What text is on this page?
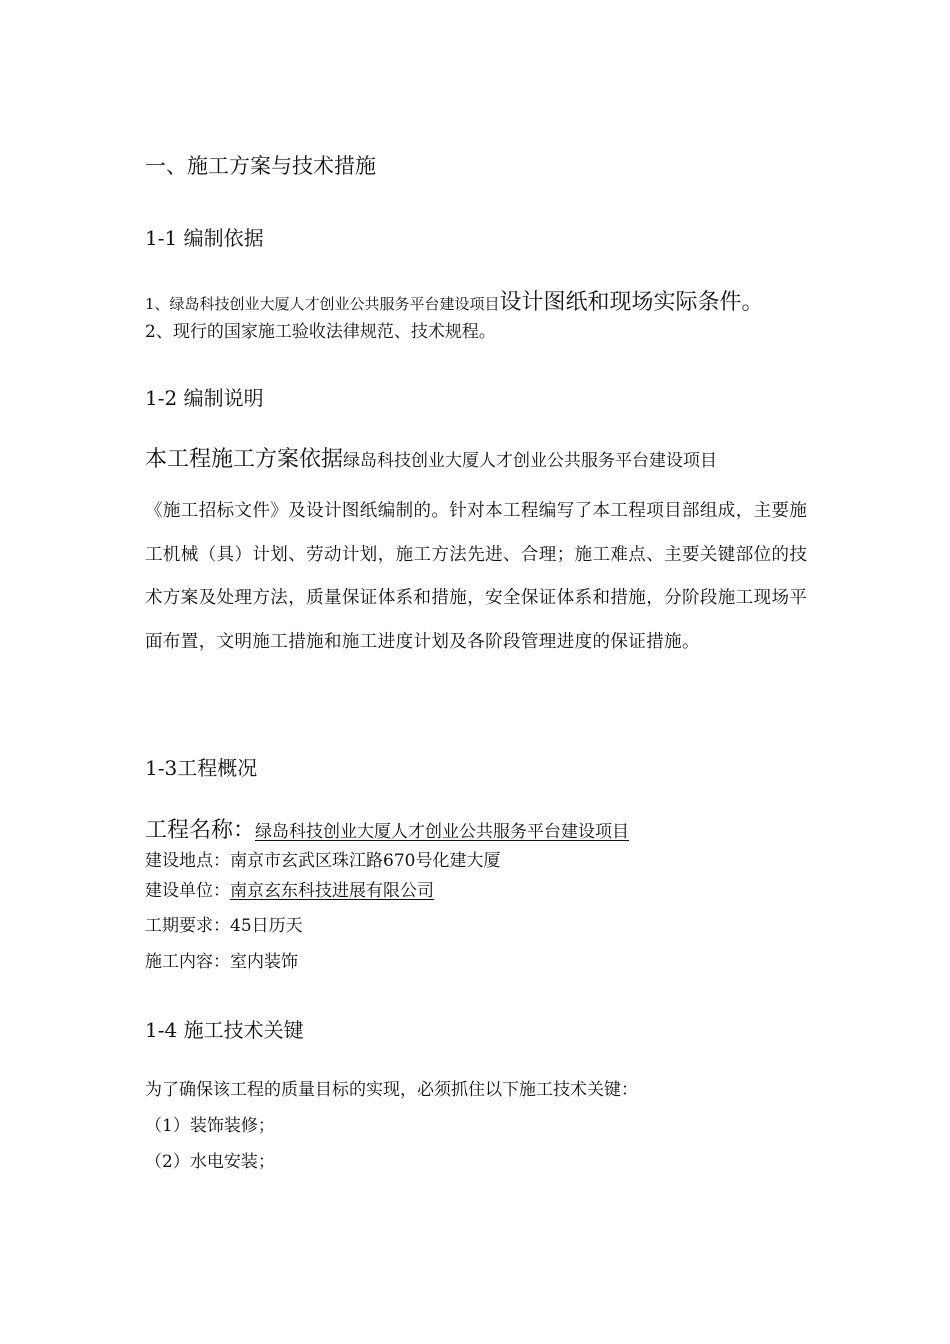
一、施工方案与技术措施

1-1 编制依据

1、绿岛科技创业大厦人才创业公共服务平台建设项目设计图纸和现场实际条件。

2、现行的国家施工验收法律规范、技术规程。

1-2 编制说明

本工程施工方案依据绿岛科技创业大厦人才创业公共服务平台建设项目

《施工招标文件》及设计图纸编制的。针对本工程编写了本工程项目部组成，主要施工机械（具）计划、劳动计划，施工方法先进、合理；施工难点、主要关键部位的技术方案及处理方法，质量保证体系和措施，安全保证体系和措施，分阶段施工现场平面布置，文明施工措施和施工进度计划及各阶段管理进度的保证措施。

1-3工程概况

工程名称：绿岛科技创业大厦人才创业公共服务平台建设项目

建设地点：南京市玄武区珠江路670号化建大厦

建设单位：南京玄东科技进展有限公司

工期要求：45日历天

施工内容：室内装饰

1-4 施工技术关键

为了确保该工程的质量目标的实现，必须抓住以下施工技术关键：

（1）装饰装修；

（2）水电安装；
